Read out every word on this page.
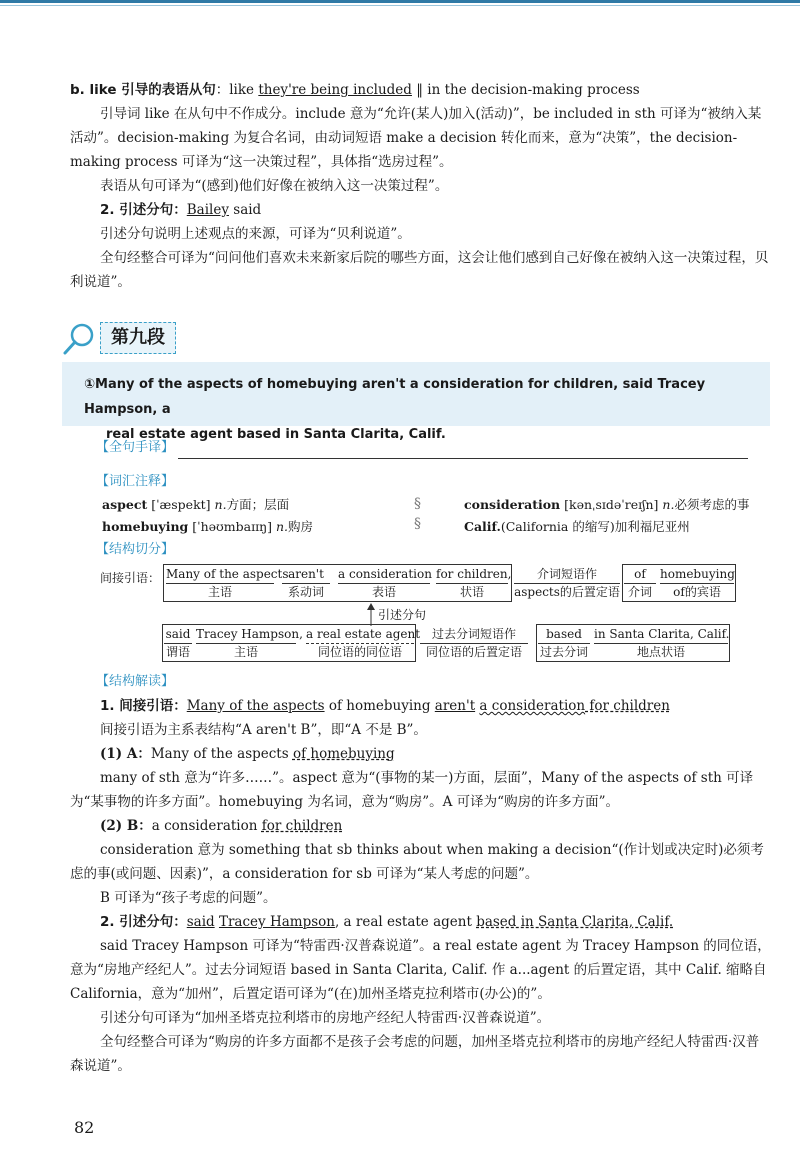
b. like 引导的表语从句：like they're being included ‖ in the decision-making process

引导词 like 在从句中不作成分。include 意为“允许(某人)加入(活动)”，be included in sth 可译为“被纳入某活动”。decision-making 为复合名词，由动词短语 make a decision 转化而来，意为“决策”，the decision-making process 可译为“这一决策过程”，具体指“选房过程”。

表语从句可译为“(感到)他们好像在被纳入这一决策过程”。

2. 引述分句：Bailey said

引述分句说明上述观点的来源，可译为“贝利说道”。

全句经整合可译为“问问他们喜欢未来新家后院的哪些方面，这会让他们感到自己好像在被纳入这一决策过程，贝利说道”。

第九段
①Many of the aspects of homebuying aren't a consideration for children, said Tracey Hampson, a
real estate agent based in Santa Clarita, Calif.
【全句手译】
【词汇注释】
aspect [ˈæspekt] n.方面；层面
homebuying [ˈhəʊmbaɪɪŋ] n.购房
§
§
consideration [kənˌsɪdəˈreɪʃn] n.必须考虑的事
Calif.(California 的缩写)加利福尼亚州
【结构切分】
间接引语： Many of the aspects
主语
aren't
系动词
a consideration
表语
for children,
状语
介词短语作
aspects的后置定语
of
介词
homebuying
of的宾语
引述分句
said
谓语
Tracey Hampson,
主语
a real estate agent
同位语的同位语
过去分词短语作
同位语的后置定语
based
过去分词
in Santa Clarita, Calif.
地点状语
【结构解读】

1. 间接引语：Many of the aspects of homebuying aren't a consideration for children

间接引语为主系表结构“A aren't B”，即“A 不是 B”。

(1) A：Many of the aspects of homebuying

many of sth 意为“许多……”。aspect 意为“(事物的某一)方面，层面”，Many of the aspects of sth 可译为“某事物的许多方面”。homebuying 为名词，意为“购房”。A 可译为“购房的许多方面”。

(2) B：a consideration for children

consideration 意为 something that sb thinks about when making a decision“(作计划或决定时)必须考虑的事(或问题、因素)”，a consideration for sb 可译为“某人考虑的问题”。

B 可译为“孩子考虑的问题”。

2. 引述分句：said Tracey Hampson, a real estate agent based in Santa Clarita, Calif.

said Tracey Hampson 可译为“特雷西·汉普森说道”。a real estate agent 为 Tracey Hampson 的同位语，意为“房地产经纪人”。过去分词短语 based in Santa Clarita, Calif. 作 a...agent 的后置定语，其中 Calif. 缩略自 California，意为“加州”，后置定语可译为“(在)加州圣塔克拉利塔市(办公)的”。

引述分句可译为“加州圣塔克拉利塔市的房地产经纪人特雷西·汉普森说道”。

全句经整合可译为“购房的许多方面都不是孩子会考虑的问题，加州圣塔克拉利塔市的房地产经纪人特雷西·汉普森说道”。

82
